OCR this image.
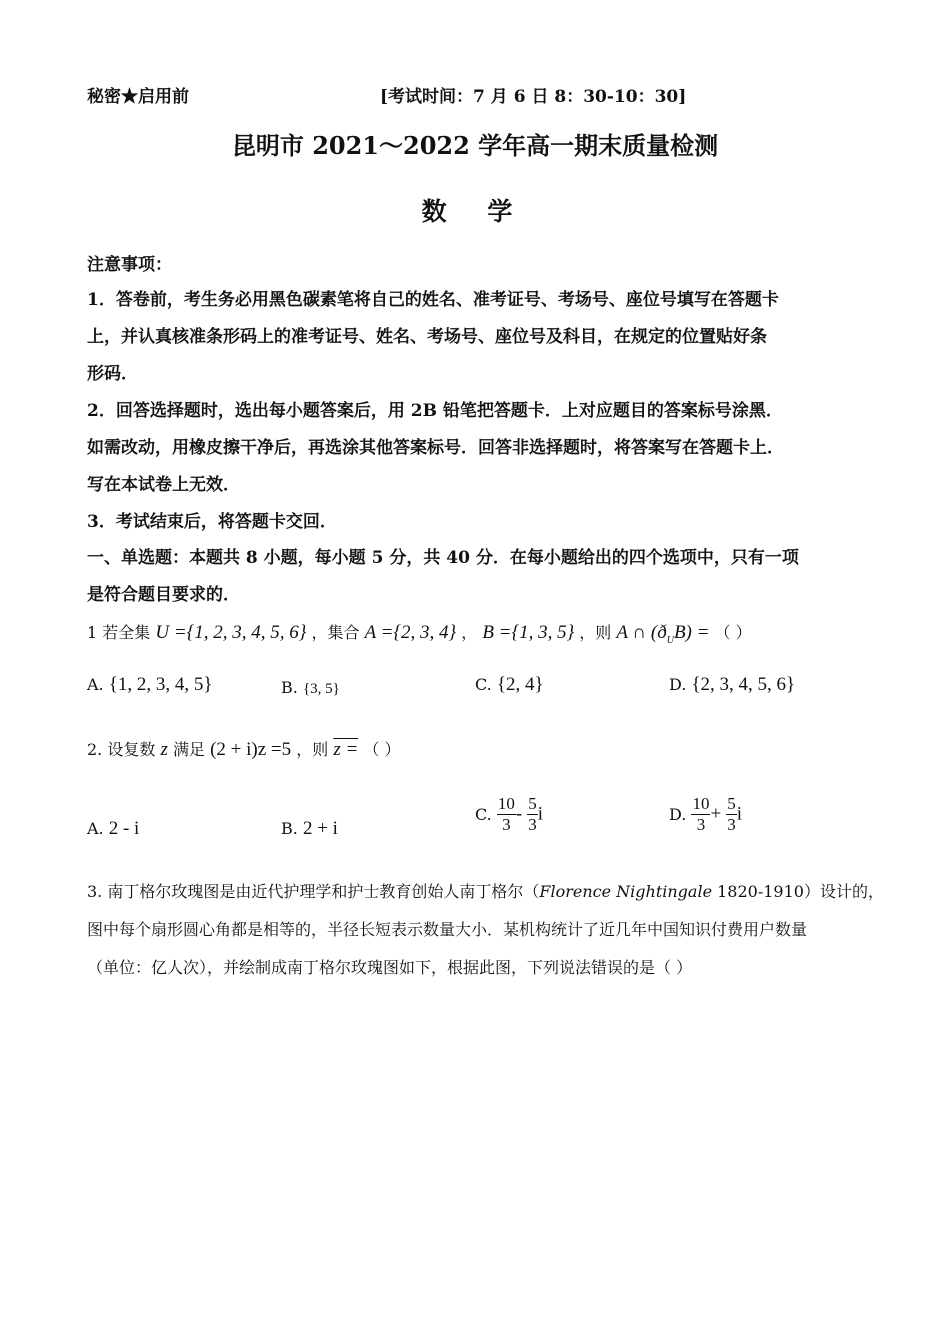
秘密★启用前	[考试时间：7 月 6 日 8：30-10：30]
昆明市 2021～2022 学年高一期末质量检测
数 学
注意事项：
1．答卷前，考生务必用黑色碳素笔将自己的姓名、准考证号、考场号、座位号填写在答题卡
上，并认真核准条形码上的准考证号、姓名、考场号、座位号及科目，在规定的位置贴好条
形码．
2．回答选择题时，选出每小题答案后，用 2B 铅笔把答题卡．上对应题目的答案标号涂黑．
如需改动，用橡皮擦干净后，再选涂其他答案标号．回答非选择题时，将答案写在答题卡上．
写在本试卷上无效．
3．考试结束后，将答题卡交回．
一、单选题：本题共 8 小题，每小题 5 分，共 40 分．在每小题给出的四个选项中，只有一项
是符合题目要求的．
1 若全集 U ={1, 2, 3, 4, 5, 6} ，集合 A ={2, 3, 4} ， B ={1, 3, 5} ，则 A ∩ $(ð_UB)$ = （ ）
A. {1, 2, 3, 4, 5}	B. {3, 5}	C. {2, 4}	D. {2, 3, 4, 5, 6}
2. 设复数 z 满足 (2 + i)z =5 ，则 z = （ ）
A. 2 - i	B. 2 + i
C. $\frac{10}{3} - \frac{5}{3}$ i	D. $\frac{10}{3} + \frac{5}{3}$ i
3. 南丁格尔玫瑰图是由近代护理学和护士教育创始人南丁格尔（Florence Nightingale 1820-1910）设计的，
图中每个扇形圆心角都是相等的，半径长短表示数量大小．某机构统计了近几年中国知识付费用户数量
（单位：亿人次），并绘制成南丁格尔玫瑰图如下，根据此图，下列说法错误的是（ ）
